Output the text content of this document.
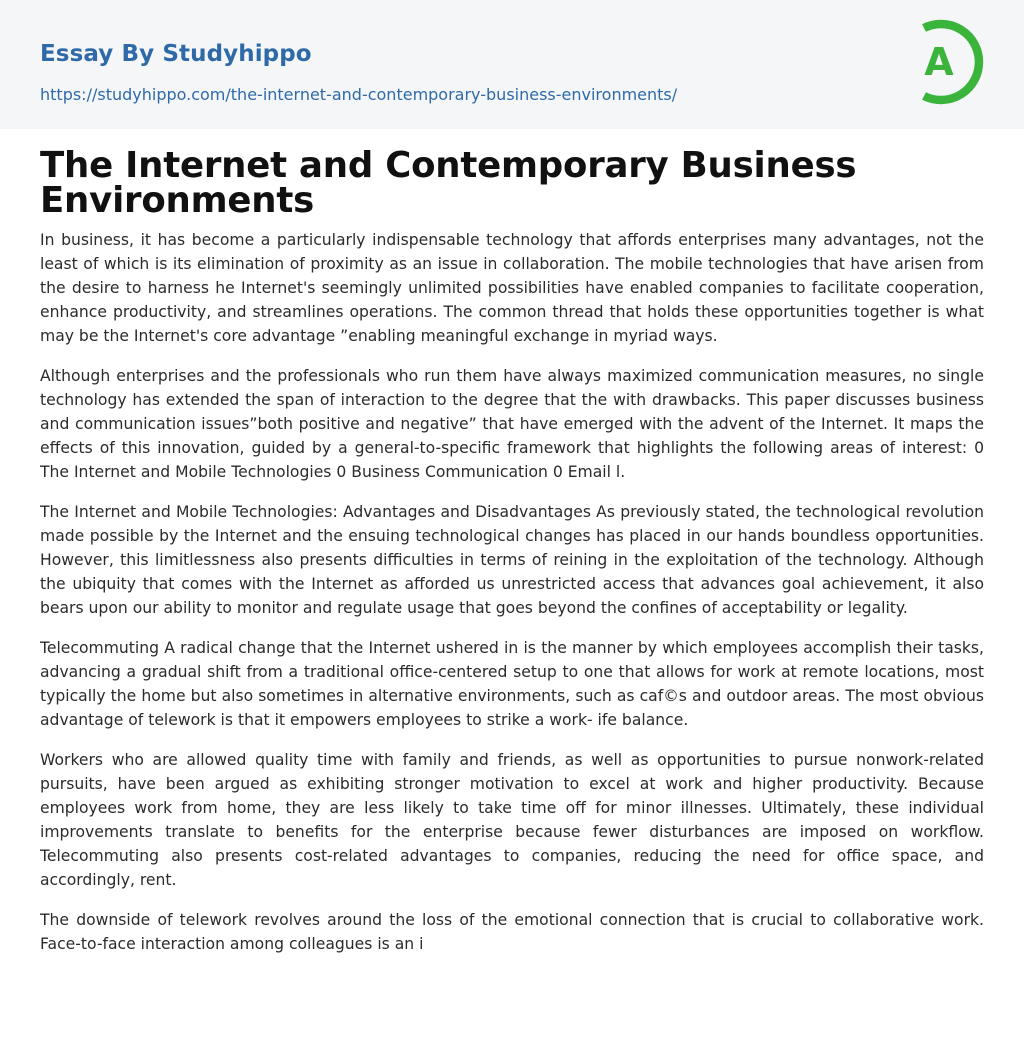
Essay By Studyhippo
https://studyhippo.com/the-internet-and-contemporary-business-environments/
A
The Internet and Contemporary Business Environments

In business, it has become a particularly indispensable technology that affords enterprises many advantages, not the least of which is its elimination of proximity as an issue in collaboration. The mobile technologies that have arisen from the desire to harness he Internet's seemingly unlimited possibilities have enabled companies to facilitate cooperation, enhance productivity, and streamlines operations. The common thread that holds these opportunities together is what may be the Internet's core advantage ”enabling meaningful exchange in myriad ways.

Although enterprises and the professionals who run them have always maximized communication measures, no single technology has extended the span of interaction to the degree that the with drawbacks. This paper discusses business and communication issues”both positive and negative” that have emerged with the advent of the Internet. It maps the effects of this innovation, guided by a general-to-specific framework that highlights the following areas of interest: 0 The Internet and Mobile Technologies 0 Business Communication 0 Email l.

The Internet and Mobile Technologies: Advantages and Disadvantages As previously stated, the technological revolution made possible by the Internet and the ensuing technological changes has placed in our hands boundless opportunities. However, this limitlessness also presents difficulties in terms of reining in the exploitation of the technology. Although the ubiquity that comes with the Internet as afforded us unrestricted access that advances goal achievement, it also bears upon our ability to monitor and regulate usage that goes beyond the confines of acceptability or legality.

Telecommuting A radical change that the Internet ushered in is the manner by which employees accomplish their tasks, advancing a gradual shift from a traditional office-centered setup to one that allows for work at remote locations, most typically the home but also sometimes in alternative environments, such as caf©s and outdoor areas. The most obvious advantage of telework is that it empowers employees to strike a work- ife balance.

Workers who are allowed quality time with family and friends, as well as opportunities to pursue nonwork-related pursuits, have been argued as exhibiting stronger motivation to excel at work and higher productivity. Because employees work from home, they are less likely to take time off for minor illnesses. Ultimately, these individual improvements translate to benefits for the enterprise because fewer disturbances are imposed on workflow. Telecommuting also presents cost-related advantages to companies, reducing the need for office space, and accordingly, rent.

The downside of telework revolves around the loss of the emotional connection that is crucial to collaborative work. Face-to-face interaction among colleagues is an i
